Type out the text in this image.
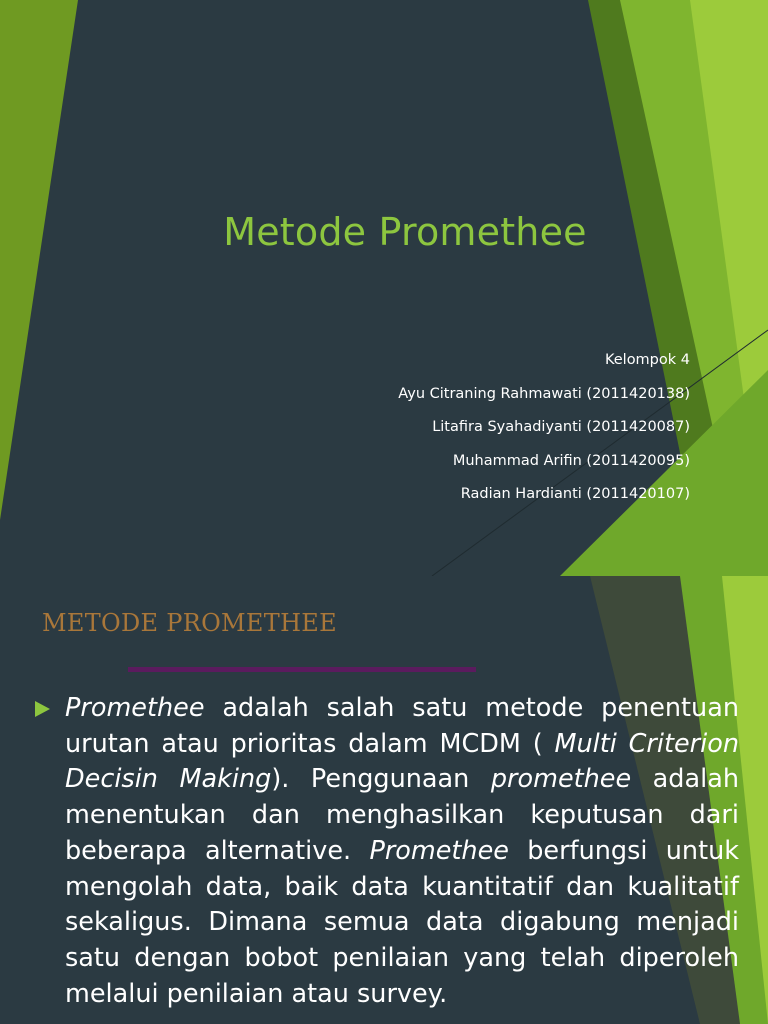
Metode Promethee
Kelompok 4
Ayu Citraning Rahmawati (2011420138)
Litafira Syahadiyanti (2011420087)
Muhammad Arifin (2011420095)
Radian Hardianti (2011420107)
METODE PROMETHEE
Promethee adalah salah satu metode penentuan urutan atau prioritas dalam MCDM ( Multi Criterion Decisin Making). Penggunaan promethee adalah menentukan dan menghasilkan keputusan dari beberapa alternative. Promethee berfungsi untuk mengolah data, baik data kuantitatif dan kualitatif sekaligus. Dimana semua data digabung menjadi satu dengan bobot penilaian yang telah diperoleh melalui penilaian atau survey.
